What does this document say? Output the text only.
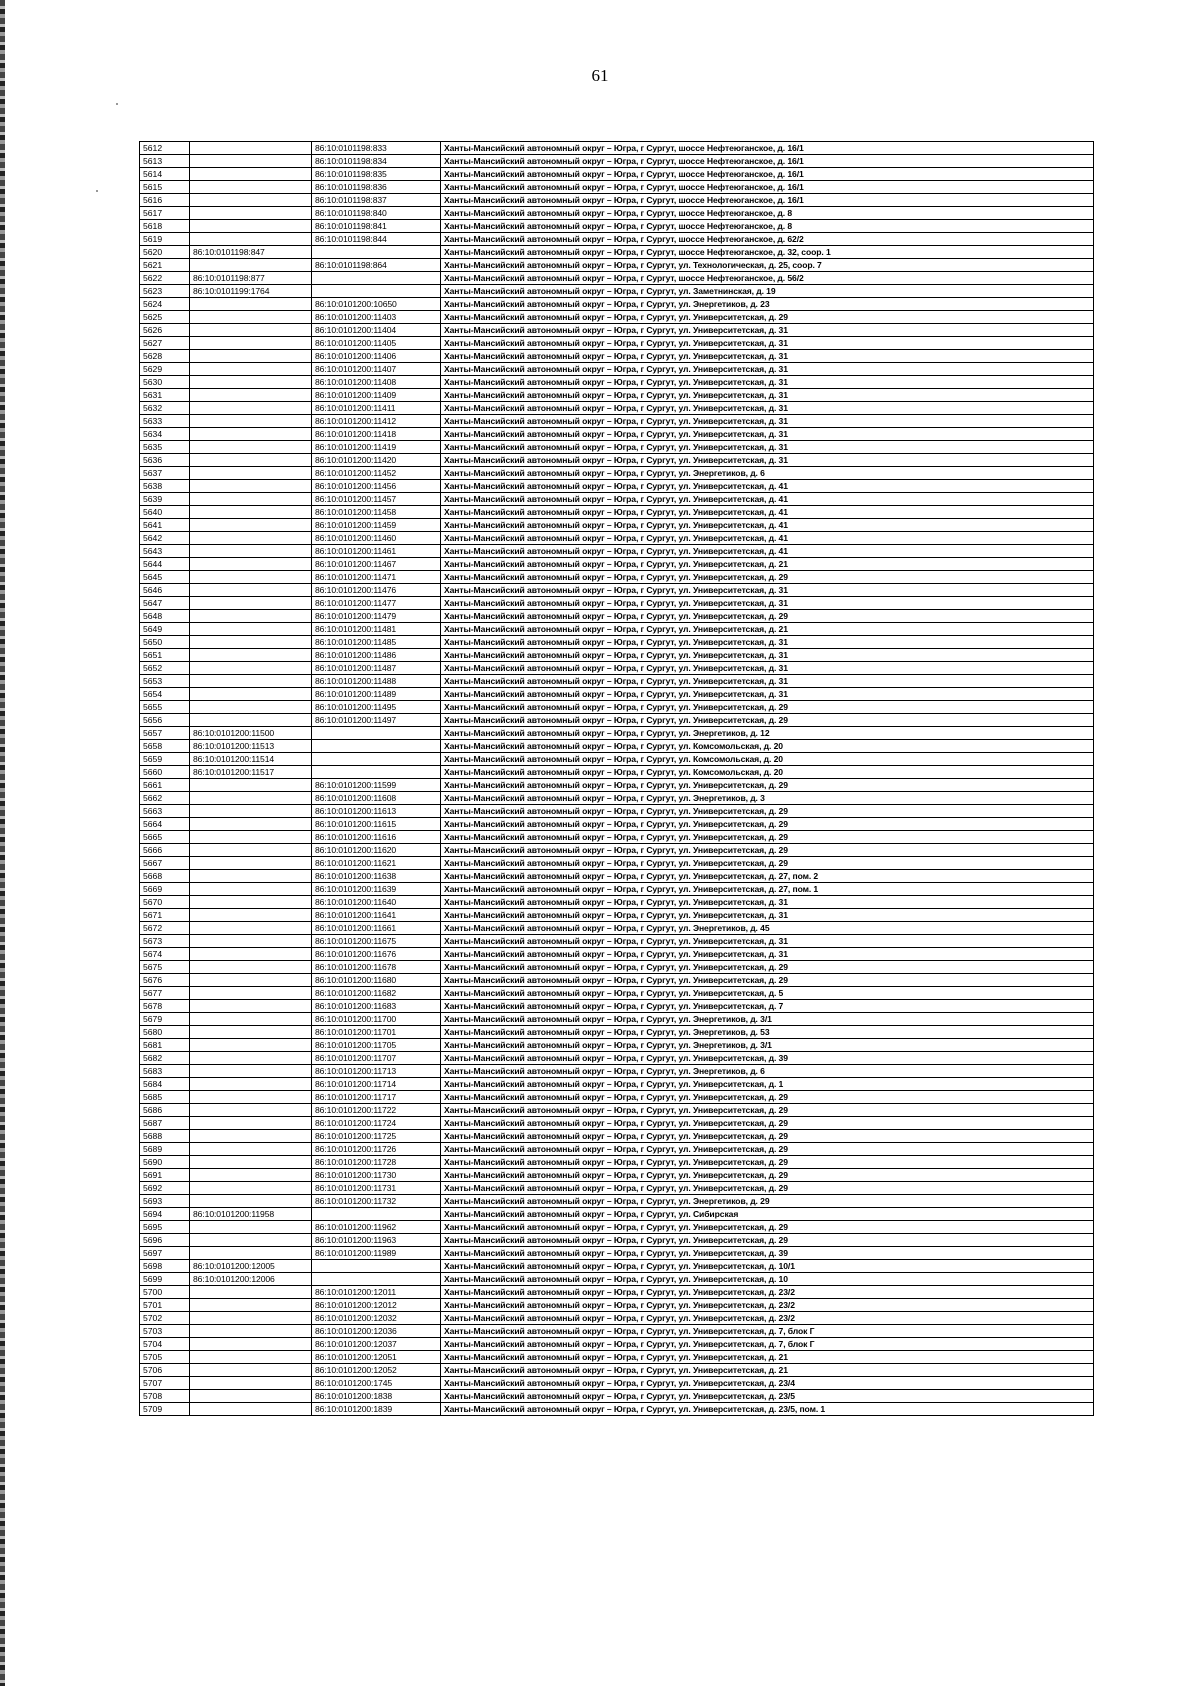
61
5612		86:10:0101198:833	Ханты-Мансийский автономный округ – Югра, г Сургут, шоссе Нефтеюганское, д. 16/1
5613		86:10:0101198:834	Ханты-Мансийский автономный округ – Югра, г Сургут, шоссе Нефтеюганское, д. 16/1
5614		86:10:0101198:835	Ханты-Мансийский автономный округ – Югра, г Сургут, шоссе Нефтеюганское, д. 16/1
5615		86:10:0101198:836	Ханты-Мансийский автономный округ – Югра, г Сургут, шоссе Нефтеюганское, д. 16/1
5616		86:10:0101198:837	Ханты-Мансийский автономный округ – Югра, г Сургут, шоссе Нефтеюганское, д. 16/1
5617		86:10:0101198:840	Ханты-Мансийский автономный округ – Югра, г Сургут, шоссе Нефтеюганское, д. 8
5618		86:10:0101198:841	Ханты-Мансийский автономный округ – Югра, г Сургут, шоссе Нефтеюганское, д. 8
5619		86:10:0101198:844	Ханты-Мансийский автономный округ – Югра, г Сургут, шоссе Нефтеюганское, д. 62/2
5620	86:10:0101198:847		Ханты-Мансийский автономный округ – Югра, г Сургут, шоссе Нефтеюганское, д. 32, соор. 1
5621		86:10:0101198:864	Ханты-Мансийский автономный округ – Югра, г Сургут, ул. Технологическая, д. 25, соор. 7
5622	86:10:0101198:877		Ханты-Мансийский автономный округ – Югра, г Сургут, шоссе Нефтеюганское, д. 56/2
5623	86:10:0101199:1764		Ханты-Мансийский автономный округ – Югра, г Сургут, ул. Заметнинская, д. 19
5624		86:10:0101200:10650	Ханты-Мансийский автономный округ – Югра, г Сургут, ул. Энергетиков, д. 23
5625		86:10:0101200:11403	Ханты-Мансийский автономный округ – Югра, г Сургут, ул. Университетская, д. 29
5626		86:10:0101200:11404	Ханты-Мансийский автономный округ – Югра, г Сургут, ул. Университетская, д. 31
5627		86:10:0101200:11405	Ханты-Мансийский автономный округ – Югра, г Сургут, ул. Университетская, д. 31
5628		86:10:0101200:11406	Ханты-Мансийский автономный округ – Югра, г Сургут, ул. Университетская, д. 31
5629		86:10:0101200:11407	Ханты-Мансийский автономный округ – Югра, г Сургут, ул. Университетская, д. 31
5630		86:10:0101200:11408	Ханты-Мансийский автономный округ – Югра, г Сургут, ул. Университетская, д. 31
5631		86:10:0101200:11409	Ханты-Мансийский автономный округ – Югра, г Сургут, ул. Университетская, д. 31
5632		86:10:0101200:11411	Ханты-Мансийский автономный округ – Югра, г Сургут, ул. Университетская, д. 31
5633		86:10:0101200:11412	Ханты-Мансийский автономный округ – Югра, г Сургут, ул. Университетская, д. 31
5634		86:10:0101200:11418	Ханты-Мансийский автономный округ – Югра, г Сургут, ул. Университетская, д. 31
5635		86:10:0101200:11419	Ханты-Мансийский автономный округ – Югра, г Сургут, ул. Университетская, д. 31
5636		86:10:0101200:11420	Ханты-Мансийский автономный округ – Югра, г Сургут, ул. Университетская, д. 31
5637		86:10:0101200:11452	Ханты-Мансийский автономный округ – Югра, г Сургут, ул. Энергетиков, д. 6
5638		86:10:0101200:11456	Ханты-Мансийский автономный округ – Югра, г Сургут, ул. Университетская, д. 41
5639		86:10:0101200:11457	Ханты-Мансийский автономный округ – Югра, г Сургут, ул. Университетская, д. 41
5640		86:10:0101200:11458	Ханты-Мансийский автономный округ – Югра, г Сургут, ул. Университетская, д. 41
5641		86:10:0101200:11459	Ханты-Мансийский автономный округ – Югра, г Сургут, ул. Университетская, д. 41
5642		86:10:0101200:11460	Ханты-Мансийский автономный округ – Югра, г Сургут, ул. Университетская, д. 41
5643		86:10:0101200:11461	Ханты-Мансийский автономный округ – Югра, г Сургут, ул. Университетская, д. 41
5644		86:10:0101200:11467	Ханты-Мансийский автономный округ – Югра, г Сургут, ул. Университетская, д. 21
5645		86:10:0101200:11471	Ханты-Мансийский автономный округ – Югра, г Сургут, ул. Университетская, д. 29
5646		86:10:0101200:11476	Ханты-Мансийский автономный округ – Югра, г Сургут, ул. Университетская, д. 31
5647		86:10:0101200:11477	Ханты-Мансийский автономный округ – Югра, г Сургут, ул. Университетская, д. 31
5648		86:10:0101200:11479	Ханты-Мансийский автономный округ – Югра, г Сургут, ул. Университетская, д. 29
5649		86:10:0101200:11481	Ханты-Мансийский автономный округ – Югра, г Сургут, ул. Университетская, д. 21
5650		86:10:0101200:11485	Ханты-Мансийский автономный округ – Югра, г Сургут, ул. Университетская, д. 31
5651		86:10:0101200:11486	Ханты-Мансийский автономный округ – Югра, г Сургут, ул. Университетская, д. 31
5652		86:10:0101200:11487	Ханты-Мансийский автономный округ – Югра, г Сургут, ул. Университетская, д. 31
5653		86:10:0101200:11488	Ханты-Мансийский автономный округ – Югра, г Сургут, ул. Университетская, д. 31
5654		86:10:0101200:11489	Ханты-Мансийский автономный округ – Югра, г Сургут, ул. Университетская, д. 31
5655		86:10:0101200:11495	Ханты-Мансийский автономный округ – Югра, г Сургут, ул. Университетская, д. 29
5656		86:10:0101200:11497	Ханты-Мансийский автономный округ – Югра, г Сургут, ул. Университетская, д. 29
5657	86:10:0101200:11500		Ханты-Мансийский автономный округ – Югра, г Сургут, ул. Энергетиков, д. 12
5658	86:10:0101200:11513		Ханты-Мансийский автономный округ – Югра, г Сургут, ул. Комсомольская, д. 20
5659	86:10:0101200:11514		Ханты-Мансийский автономный округ – Югра, г Сургут, ул. Комсомольская, д. 20
5660	86:10:0101200:11517		Ханты-Мансийский автономный округ – Югра, г Сургут, ул. Комсомольская, д. 20
5661		86:10:0101200:11599	Ханты-Мансийский автономный округ – Югра, г Сургут, ул. Университетская, д. 29
5662		86:10:0101200:11608	Ханты-Мансийский автономный округ – Югра, г Сургут, ул. Энергетиков, д. 3
5663		86:10:0101200:11613	Ханты-Мансийский автономный округ – Югра, г Сургут, ул. Университетская, д. 29
5664		86:10:0101200:11615	Ханты-Мансийский автономный округ – Югра, г Сургут, ул. Университетская, д. 29
5665		86:10:0101200:11616	Ханты-Мансийский автономный округ – Югра, г Сургут, ул. Университетская, д. 29
5666		86:10:0101200:11620	Ханты-Мансийский автономный округ – Югра, г Сургут, ул. Университетская, д. 29
5667		86:10:0101200:11621	Ханты-Мансийский автономный округ – Югра, г Сургут, ул. Университетская, д. 29
5668		86:10:0101200:11638	Ханты-Мансийский автономный округ – Югра, г Сургут, ул. Университетская, д. 27, пом. 2
5669		86:10:0101200:11639	Ханты-Мансийский автономный округ – Югра, г Сургут, ул. Университетская, д. 27, пом. 1
5670		86:10:0101200:11640	Ханты-Мансийский автономный округ – Югра, г Сургут, ул. Университетская, д. 31
5671		86:10:0101200:11641	Ханты-Мансийский автономный округ – Югра, г Сургут, ул. Университетская, д. 31
5672		86:10:0101200:11661	Ханты-Мансийский автономный округ – Югра, г Сургут, ул. Энергетиков, д. 45
5673		86:10:0101200:11675	Ханты-Мансийский автономный округ – Югра, г Сургут, ул. Университетская, д. 31
5674		86:10:0101200:11676	Ханты-Мансийский автономный округ – Югра, г Сургут, ул. Университетская, д. 31
5675		86:10:0101200:11678	Ханты-Мансийский автономный округ – Югра, г Сургут, ул. Университетская, д. 29
5676		86:10:0101200:11680	Ханты-Мансийский автономный округ – Югра, г Сургут, ул. Университетская, д. 29
5677		86:10:0101200:11682	Ханты-Мансийский автономный округ – Югра, г Сургут, ул. Университетская, д. 5
5678		86:10:0101200:11683	Ханты-Мансийский автономный округ – Югра, г Сургут, ул. Университетская, д. 7
5679		86:10:0101200:11700	Ханты-Мансийский автономный округ – Югра, г Сургут, ул. Энергетиков, д. 3/1
5680		86:10:0101200:11701	Ханты-Мансийский автономный округ – Югра, г Сургут, ул. Энергетиков, д. 53
5681		86:10:0101200:11705	Ханты-Мансийский автономный округ – Югра, г Сургут, ул. Энергетиков, д. 3/1
5682		86:10:0101200:11707	Ханты-Мансийский автономный округ – Югра, г Сургут, ул. Университетская, д. 39
5683		86:10:0101200:11713	Ханты-Мансийский автономный округ – Югра, г Сургут, ул. Энергетиков, д. 6
5684		86:10:0101200:11714	Ханты-Мансийский автономный округ – Югра, г Сургут, ул. Университетская, д. 1
5685		86:10:0101200:11717	Ханты-Мансийский автономный округ – Югра, г Сургут, ул. Университетская, д. 29
5686		86:10:0101200:11722	Ханты-Мансийский автономный округ – Югра, г Сургут, ул. Университетская, д. 29
5687		86:10:0101200:11724	Ханты-Мансийский автономный округ – Югра, г Сургут, ул. Университетская, д. 29
5688		86:10:0101200:11725	Ханты-Мансийский автономный округ – Югра, г Сургут, ул. Университетская, д. 29
5689		86:10:0101200:11726	Ханты-Мансийский автономный округ – Югра, г Сургут, ул. Университетская, д. 29
5690		86:10:0101200:11728	Ханты-Мансийский автономный округ – Югра, г Сургут, ул. Университетская, д. 29
5691		86:10:0101200:11730	Ханты-Мансийский автономный округ – Югра, г Сургут, ул. Университетская, д. 29
5692		86:10:0101200:11731	Ханты-Мансийский автономный округ – Югра, г Сургут, ул. Университетская, д. 29
5693		86:10:0101200:11732	Ханты-Мансийский автономный округ – Югра, г Сургут, ул. Энергетиков, д. 29
5694	86:10:0101200:11958		Ханты-Мансийский автономный округ – Югра, г Сургут, ул. Сибирская
5695		86:10:0101200:11962	Ханты-Мансийский автономный округ – Югра, г Сургут, ул. Университетская, д. 29
5696		86:10:0101200:11963	Ханты-Мансийский автономный округ – Югра, г Сургут, ул. Университетская, д. 29
5697		86:10:0101200:11989	Ханты-Мансийский автономный округ – Югра, г Сургут, ул. Университетская, д. 39
5698	86:10:0101200:12005		Ханты-Мансийский автономный округ – Югра, г Сургут, ул. Университетская, д. 10/1
5699	86:10:0101200:12006		Ханты-Мансийский автономный округ – Югра, г Сургут, ул. Университетская, д. 10
5700		86:10:0101200:12011	Ханты-Мансийский автономный округ – Югра, г Сургут, ул. Университетская, д. 23/2
5701		86:10:0101200:12012	Ханты-Мансийский автономный округ – Югра, г Сургут, ул. Университетская, д. 23/2
5702		86:10:0101200:12032	Ханты-Мансийский автономный округ – Югра, г Сургут, ул. Университетская, д. 23/2
5703		86:10:0101200:12036	Ханты-Мансийский автономный округ – Югра, г Сургут, ул. Университетская, д. 7, блок Г
5704		86:10:0101200:12037	Ханты-Мансийский автономный округ – Югра, г Сургут, ул. Университетская, д. 7, блок Г
5705		86:10:0101200:12051	Ханты-Мансийский автономный округ – Югра, г Сургут, ул. Университетская, д. 21
5706		86:10:0101200:12052	Ханты-Мансийский автономный округ – Югра, г Сургут, ул. Университетская, д. 21
5707		86:10:0101200:1745	Ханты-Мансийский автономный округ – Югра, г Сургут, ул. Университетская, д. 23/4
5708		86:10:0101200:1838	Ханты-Мансийский автономный округ – Югра, г Сургут, ул. Университетская, д. 23/5
5709		86:10:0101200:1839	Ханты-Мансийский автономный округ – Югра, г Сургут, ул. Университетская, д. 23/5, пом. 1
